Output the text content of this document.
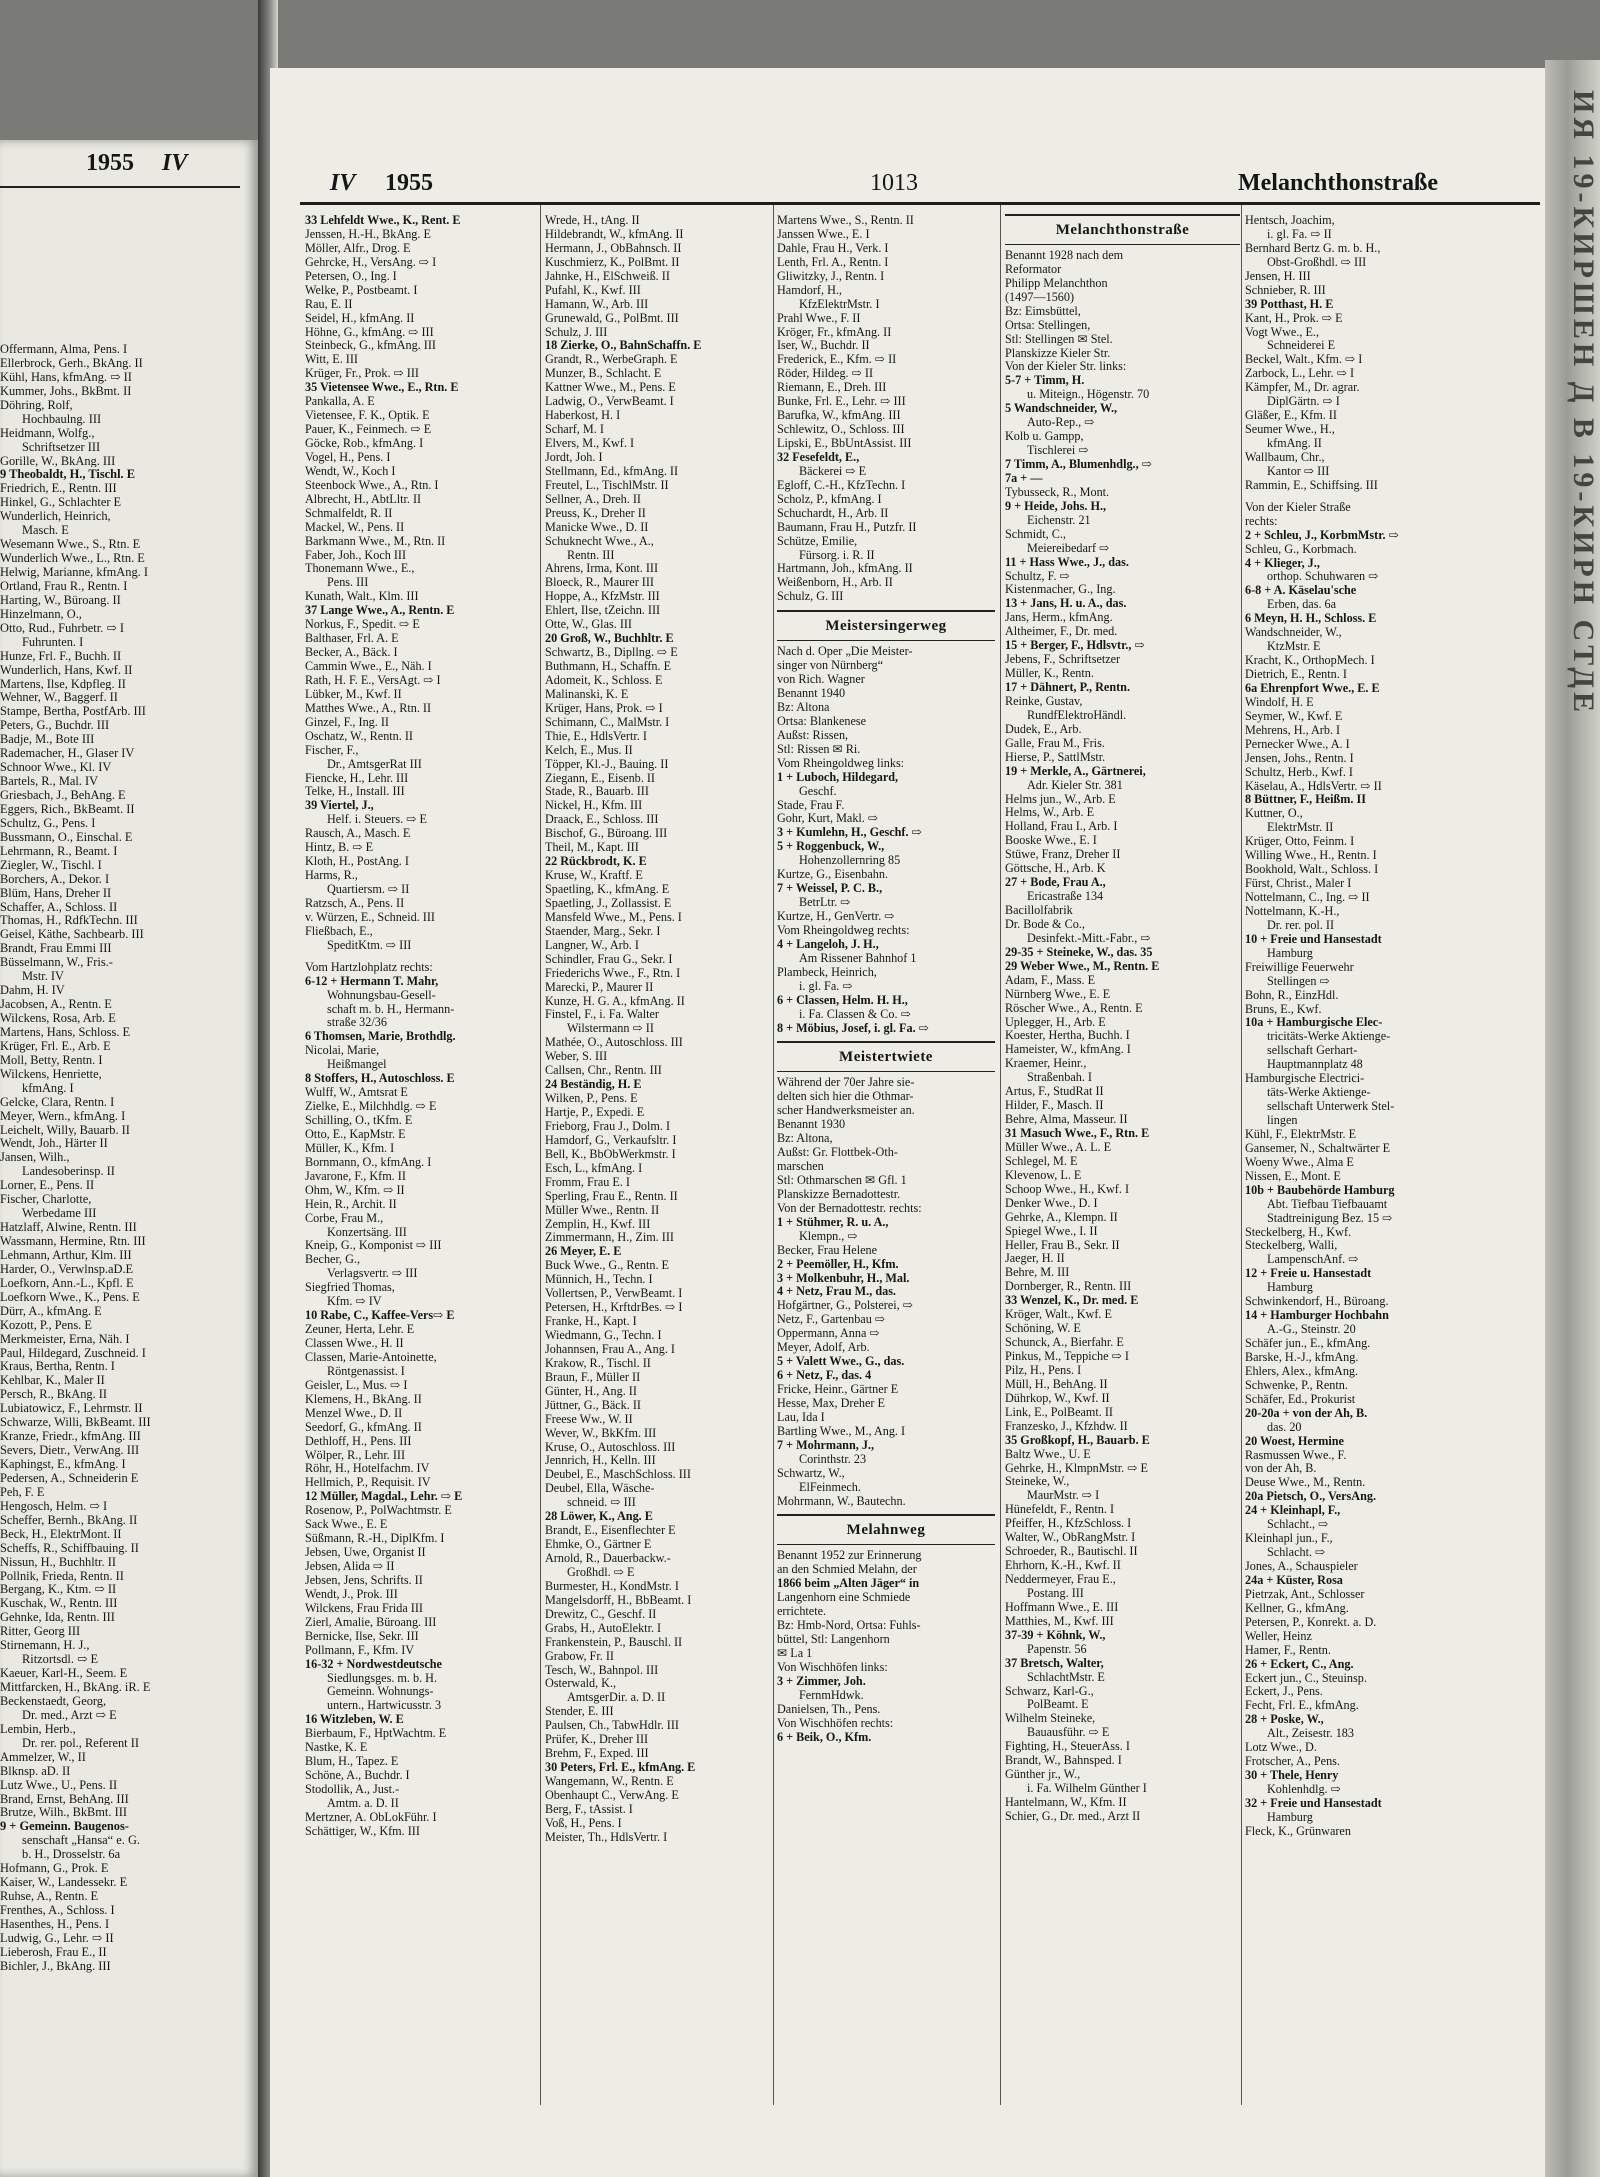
Offermann, Alma, Pens. I
Ellerbrock, Gerh., BkAng. II
Kühl, Hans, kfmAng. ⇨ II
Kummer, Johs., BkBmt. II
Döhring, Rolf,
Hochbaulng. III
Heidmann, Wolfg.,
Schriftsetzer III
Gorille, W., BkAng. III
9 Theobaldt, H., Tischl. E
Friedrich, E., Rentn. III
Hinkel, G., Schlachter E
Wunderlich, Heinrich,
Masch. E
Wesemann Wwe., S., Rtn. E
Wunderlich Wwe., L., Rtn. E
Helwig, Marianne, kfmAng. I
Ortland, Frau R., Rentn. I
Harting, W., Büroang. II
Hinzelmann, O.,
Otto, Rud., Fuhrbetr. ⇨ I
Fuhrunten. I
Hunze, Frl. F., Buchh. II
Wunderlich, Hans, Kwf. II
Martens, Ilse, Kdpfleg. II
Wehner, W., Baggerf. II
Stampe, Bertha, PostfArb. III
Peters, G., Buchdr. III
Badje, M., Bote III
Rademacher, H., Glaser IV
Schnoor Wwe., Kl. IV
Bartels, R., Mal. IV
Griesbach, J., BehAng. E
Eggers, Rich., BkBeamt. II
Schultz, G., Pens. I
Bussmann, O., Einschal. E
Lehrmann, R., Beamt. I
Ziegler, W., Tischl. I
Borchers, A., Dekor. I
Blüm, Hans, Dreher II
Schaffer, A., Schloss. II
Thomas, H., RdfkTechn. III
Geisel, Käthe, Sachbearb. III
Brandt, Frau Emmi III
Büsselmann, W., Fris.-
Mstr. IV
Dahm, H. IV
Jacobsen, A., Rentn. E
Wilckens, Rosa, Arb. E
Martens, Hans, Schloss. E
Krüger, Frl. E., Arb. E
Moll, Betty, Rentn. I
Wilckens, Henriette,
kfmAng. I
Gelcke, Clara, Rentn. I
Meyer, Wern., kfmAng. I
Leichelt, Willy, Bauarb. II
Wendt, Joh., Härter II
Jansen, Wilh.,
Landesoberinsp. II
Lorner, E., Pens. II
Fischer, Charlotte,
Werbedame III
Hatzlaff, Alwine, Rentn. III
Wassmann, Hermine, Rtn. III
Lehmann, Arthur, Klm. III
Harder, O., Verwlnsp.aD.E
Loefkorn, Ann.-L., Kpfl. E
Loefkorn Wwe., K., Pens. E
Dürr, A., kfmAng. E
Kozott, P., Pens. E
Merkmeister, Erna, Näh. I
Paul, Hildegard, Zuschneid. I
Kraus, Bertha, Rentn. I
Kehlbar, K., Maler II
Persch, R., BkAng. II
Lubiatowicz, F., Lehrmstr. II
Schwarze, Willi, BkBeamt. III
Kranze, Friedr., kfmAng. III
Severs, Dietr., VerwAng. III
Kaphingst, E., kfmAng. I
Pedersen, A., Schneiderin E
Peh, F. E
Hengosch, Helm. ⇨ I
Scheffer, Bernh., BkAng. II
Beck, H., ElektrMont. II
Scheffs, R., Schiffbauing. II
Nissun, H., Buchhltr. II
Pollnik, Frieda, Rentn. II
Bergang, K., Ktm. ⇨ II
Kuschak, W., Rentn. III
Gehnke, Ida, Rentn. III
Ritter, Georg III
Stirnemann, H. J.,
Ritzortsdl. ⇨ E
Kaeuer, Karl-H., Seem. E
Mittfarcken, H., BkAng. iR. E
Beckenstaedt, Georg,
Dr. med., Arzt ⇨ E
Lembin, Herb.,
Dr. rer. pol., Referent II
Ammelzer, W., II
Blknsp. aD. II
Lutz Wwe., U., Pens. II
Brand, Ernst, BehAng. III
Brutze, Wilh., BkBmt. III
9 + Gemeinn. Baugenos-
senschaft „Hansa“ e. G.
b. H., Drosselstr. 6a
Hofmann, G., Prok. E
Kaiser, W., Landessekr. E
Ruhse, A., Rentn. E
Frenthes, A., Schloss. I
Hasenthes, H., Pens. I
Ludwig, G., Lehr. ⇨ II
Lieberosh, Frau E., II
Bichler, J., BkAng. III
1955 IV	ИЯ 19-КИРШЕН Д В 19-КИРН СТДЕ
IV 1955	1013	Melanchthonstraße
33 Lehfeldt Wwe., K., Rent. E
Jenssen, H.-H., BkAng. E
Möller, Alfr., Drog. E
Gehrcke, H., VersAng. ⇨ I
Petersen, O., Ing. I
Welke, P., Postbeamt. I
Rau, E. II
Seidel, H., kfmAng. II
Höhne, G., kfmAng. ⇨ III
Steinbeck, G., kfmAng. III
Witt, E. III
Krüger, Fr., Prok. ⇨ III
35 Vietensee Wwe., E., Rtn. E
Pankalla, A. E
Vietensee, F. K., Optik. E
Pauer, K., Feinmech. ⇨ E
Göcke, Rob., kfmAng. I
Vogel, H., Pens. I
Wendt, W., Koch I
Steenbock Wwe., A., Rtn. I
Albrecht, H., AbtLltr. II
Schmalfeldt, R. II
Mackel, W., Pens. II
Barkmann Wwe., M., Rtn. II
Faber, Joh., Koch III
Thonemann Wwe., E.,
Pens. III
Kunath, Walt., Klm. III
37 Lange Wwe., A., Rentn. E
Norkus, F., Spedit. ⇨ E
Balthaser, Frl. A. E
Becker, A., Bäck. I
Cammin Wwe., E., Näh. I
Rath, H. F. E., VersAgt. ⇨ I
Lübker, M., Kwf. II
Matthes Wwe., A., Rtn. II
Ginzel, F., Ing. II
Oschatz, W., Rentn. II
Fischer, F.,
Dr., AmtsgerRat III
Fiencke, H., Lehr. III
Telke, H., Install. III
39 Viertel, J.,
Helf. i. Steuers. ⇨ E
Rausch, A., Masch. E
Hintz, B. ⇨ E
Kloth, H., PostAng. I
Harms, R.,
Quartiersm. ⇨ II
Ratzsch, A., Pens. II
v. Würzen, E., Schneid. III
Fließbach, E.,
SpeditKtm. ⇨ III
Vom Hartzlohplatz rechts:
6-12 + Hermann T. Mahr,
Wohnungsbau-Gesell-
schaft m. b. H., Hermann-
straße 32/36
6 Thomsen, Marie, Brothdlg.
Nicolai, Marie,
Heißmangel
8 Stoffers, H., Autoschloss. E
Wulff, W., Amtsrat E
Zielke, E., Milchhdlg. ⇨ E
Schilling, O., tKfm. E
Otto, E., KapMstr. E
Müller, K., Kfm. I
Bornmann, O., kfmAng. I
Javarone, F., Kfm. II
Ohm, W., Kfm. ⇨ II
Hein, R., Archit. II
Corbe, Frau M.,
Konzertsäng. III
Kneip, G., Komponist ⇨ III
Becher, G.,
Verlagsvertr. ⇨ III
Siegfried Thomas,
Kfm. ⇨ IV
10 Rabe, C., Kaffee-Vers⇨ E
Zeuner, Herta, Lehr. E
Classen Wwe., H. II
Classen, Marie-Antoinette,
Röntgenassist. I
Geisler, L., Mus. ⇨ I
Klemens, H., BkAng. II
Menzel Wwe., D. II
Seedorf, G., kfmAng. II
Dethloff, H., Pens. III
Wölper, R., Lehr. III
Röhr, H., Hotelfachm. IV
Hellmich, P., Requisit. IV
12 Müller, Magdal., Lehr. ⇨ E
Rosenow, P., PolWachtmstr. E
Sack Wwe., E. E
Süßmann, R.-H., DiplKfm. I
Jebsen, Uwe, Organist II
Jebsen, Alida ⇨ II
Jebsen, Jens, Schrifts. II
Wendt, J., Prok. III
Wilckens, Frau Frida III
Zierl, Amalie, Büroang. III
Bernicke, Ilse, Sekr. III
Pollmann, F., Kfm. IV
16-32 + Nordwestdeutsche
Siedlungsges. m. b. H.
Gemeinn. Wohnungs-
untern., Hartwicusstr. 3
16 Witzleben, W. E
Bierbaum, F., HptWachtm. E
Nastke, K. E
Blum, H., Tapez. E
Schöne, A., Buchdr. I
Stodollik, A., Just.-
Amtm. a. D. II
Mertzner, A. ObLokFühr. I
Schättiger, W., Kfm. III
Wrede, H., tAng. II
Hildebrandt, W., kfmAng. II
Hermann, J., ObBahnsch. II
Kuschmierz, K., PolBmt. II
Jahnke, H., ElSchweiß. II
Pufahl, K., Kwf. III
Hamann, W., Arb. III
Grunewald, G., PolBmt. III
Schulz, J. III
18 Zierke, O., BahnSchaffn. E
Grandt, R., WerbeGraph. E
Munzer, B., Schlacht. E
Kattner Wwe., M., Pens. E
Ladwig, O., VerwBeamt. I
Haberkost, H. I
Scharf, M. I
Elvers, M., Kwf. I
Jordt, Joh. I
Stellmann, Ed., kfmAng. II
Freutel, L., TischlMstr. II
Sellner, A., Dreh. II
Preuss, K., Dreher II
Manicke Wwe., D. II
Schuknecht Wwe., A.,
Rentn. III
Ahrens, Irma, Kont. III
Bloeck, R., Maurer III
Hoppe, A., KfzMstr. III
Ehlert, Ilse, tZeichn. III
Otte, W., Glas. III
20 Groß, W., Buchhltr. E
Schwartz, B., Dipllng. ⇨ E
Buthmann, H., Schaffn. E
Adomeit, K., Schloss. E
Malinanski, K. E
Krüger, Hans, Prok. ⇨ I
Schimann, C., MalMstr. I
Thie, E., HdlsVertr. I
Kelch, E., Mus. II
Töpper, Kl.-J., Bauing. II
Ziegann, E., Eisenb. II
Stade, R., Bauarb. III
Nickel, H., Kfm. III
Draack, E., Schloss. III
Bischof, G., Büroang. III
Theil, M., Kapt. III
22 Rückbrodt, K. E
Kruse, W., Kraftf. E
Spaetling, K., kfmAng. E
Spaetling, J., Zollassist. E
Mansfeld Wwe., M., Pens. I
Staender, Marg., Sekr. I
Langner, W., Arb. I
Schindler, Frau G., Sekr. I
Friederichs Wwe., F., Rtn. I
Marecki, P., Maurer II
Kunze, H. G. A., kfmAng. II
Finstel, F., i. Fa. Walter
Wilstermann ⇨ II
Mathée, O., Autoschloss. III
Weber, S. III
Callsen, Chr., Rentn. III
24 Beständig, H. E
Wilken, P., Pens. E
Hartje, P., Expedi. E
Frieborg, Frau J., Dolm. I
Hamdorf, G., Verkaufsltr. I
Bell, K., BbObWerkmstr. I
Esch, L., kfmAng. I
Fromm, Frau E. I
Sperling, Frau E., Rentn. II
Müller Wwe., Rentn. II
Zemplin, H., Kwf. III
Zimmermann, H., Zim. III
26 Meyer, E. E
Buck Wwe., G., Rentn. E
Münnich, H., Techn. I
Vollertsen, P., VerwBeamt. I
Petersen, H., KrftdrBes. ⇨ I
Franke, H., Kapt. I
Wiedmann, G., Techn. I
Johannsen, Frau A., Ang. I
Krakow, R., Tischl. II
Braun, F., Müller II
Günter, H., Ang. II
Jüttner, G., Bäck. II
Freese Ww., W. II
Wever, W., BkKfm. III
Kruse, O., Autoschloss. III
Jennrich, H., Kelln. III
Deubel, E., MaschSchloss. III
Deubel, Ella, Wäsche-
schneid. ⇨ III
28 Löwer, K., Ang. E
Brandt, E., Eisenflechter E
Ehmke, O., Gärtner E
Arnold, R., Dauerbackw.-
Großhdl. ⇨ E
Burmester, H., KondMstr. I
Mangelsdorff, H., BbBeamt. I
Drewitz, C., Geschf. II
Grabs, H., AutoElektr. I
Frankenstein, P., Bauschl. II
Grabow, Fr. II
Tesch, W., Bahnpol. III
Osterwald, K.,
AmtsgerDir. a. D. II
Stender, E. III
Paulsen, Ch., TabwHdlr. III
Prüfer, K., Dreher III
Brehm, F., Exped. III
30 Peters, Frl. E., kfmAng. E
Wangemann, W., Rentn. E
Obenhaupt C., VerwAng. E
Berg, F., tAssist. I
Voß, H., Pens. I
Meister, Th., HdlsVertr. I
Martens Wwe., S., Rentn. II
Janssen Wwe., E. I
Dahle, Frau H., Verk. I
Lenth, Frl. A., Rentn. I
Gliwitzky, J., Rentn. I
Hamdorf, H.,
KfzElektrMstr. I
Prahl Wwe., F. II
Kröger, Fr., kfmAng. II
Iser, W., Buchdr. II
Frederick, E., Kfm. ⇨ II
Röder, Hildeg. ⇨ II
Riemann, E., Dreh. III
Bunke, Frl. E., Lehr. ⇨ III
Barufka, W., kfmAng. III
Schlewitz, O., Schloss. III
Lipski, E., BbUntAssist. III
32 Fesefeldt, E.,
Bäckerei ⇨ E
Egloff, C.-H., KfzTechn. I
Scholz, P., kfmAng. I
Schuchardt, H., Arb. II
Baumann, Frau H., Putzfr. II
Schütze, Emilie,
Fürsorg. i. R. II
Hartmann, Joh., kfmAng. II
Weißenborn, H., Arb. II
Schulz, G. III
Meistersingerweg
Nach d. Oper „Die Meister-
singer von Nürnberg“
von Rich. Wagner
Benannt 1940
Bz: Altona
Ortsa: Blankenese
Außst: Rissen,
Stl: Rissen ✉ Ri.
Vom Rheingoldweg links:
1 + Luboch, Hildegard,
Geschf.
Stade, Frau F.
Gohr, Kurt, Makl. ⇨
3 + Kumlehn, H., Geschf. ⇨
5 + Roggenbuck, W.,
Hohenzollernring 85
Kurtze, G., Eisenbahn.
7 + Weissel, P. C. B.,
BetrLtr. ⇨
Kurtze, H., GenVertr. ⇨
Vom Rheingoldweg rechts:
4 + Langeloh, J. H.,
Am Rissener Bahnhof 1
Plambeck, Heinrich,
i. gl. Fa. ⇨
6 + Classen, Helm. H. H.,
i. Fa. Classen & Co. ⇨
8 + Möbius, Josef, i. gl. Fa. ⇨
Meistertwiete
Während der 70er Jahre sie-
delten sich hier die Othmar-
scher Handwerksmeister an.
Benannt 1930
Bz: Altona,
Außst: Gr. Flottbek-Oth-
marschen
Stl: Othmarschen ✉ Gfl. 1
Planskizze Bernadottestr.
Von der Bernadottestr. rechts:
1 + Stühmer, R. u. A.,
Klempn., ⇨
Becker, Frau Helene
2 + Peemöller, H., Kfm.
3 + Molkenbuhr, H., Mal.
4 + Netz, Frau M., das.
Hofgärtner, G., Polsterei, ⇨
Netz, F., Gartenbau ⇨
Oppermann, Anna ⇨
Meyer, Adolf, Arb.
5 + Valett Wwe., G., das.
6 + Netz, F., das. 4
Fricke, Heinr., Gärtner E
Hesse, Max, Dreher E
Lau, Ida I
Bartling Wwe., M., Ang. I
7 + Mohrmann, J.,
Corinthstr. 23
Schwartz, W.,
ElFeinmech.
Mohrmann, W., Bautechn.
Melahnweg
Benannt 1952 zur Erinnerung
an den Schmied Melahn, der
1866 beim „Alten Jäger“ in
Langenhorn eine Schmiede
errichtete.
Bz: Hmb-Nord, Ortsa: Fuhls-
büttel, Stl: Langenhorn
✉ La 1
Von Wischhöfen links:
3 + Zimmer, Joh.
FernmHdwk.
Danielsen, Th., Pens.
Von Wischhöfen rechts:
6 + Beik, O., Kfm.
Melanchthonstraße
Benannt 1928 nach dem
Reformator
Philipp Melanchthon
(1497—1560)
Bz: Eimsbüttel,
Ortsa: Stellingen,
Stl: Stellingen ✉ Stel.
Planskizze Kieler Str.
Von der Kieler Str. links:
5-7 + Timm, H.
u. Miteign., Högenstr. 70
5 Wandschneider, W.,
Auto-Rep., ⇨
Kolb u. Gampp,
Tischlerei ⇨
7 Timm, A., Blumenhdlg., ⇨
7a + —
Tybusseck, R., Mont.
9 + Heide, Johs. H.,
Eichenstr. 21
Schmidt, C.,
Meiereibedarf ⇨
11 + Hass Wwe., J., das.
Schultz, F. ⇨
Kistenmacher, G., Ing.
13 + Jans, H. u. A., das.
Jans, Herm., kfmAng.
Altheimer, F., Dr. med.
15 + Berger, F., Hdlsvtr., ⇨
Jebens, F., Schriftsetzer
Müller, K., Rentn.
17 + Dähnert, P., Rentn.
Reinke, Gustav,
RundfElektroHändl.
Dudek, E., Arb.
Galle, Frau M., Fris.
Hierse, P., SattlMstr.
19 + Merkle, A., Gärtnerei,
Adr. Kieler Str. 381
Helms jun., W., Arb. E
Helms, W., Arb. E
Holland, Frau I., Arb. I
Booske Wwe., E. I
Stüwe, Franz, Dreher II
Göttsche, H., Arb. K
27 + Bode, Frau A.,
Ericastraße 134
Bacillolfabrik
Dr. Bode & Co.,
Desinfekt.-Mitt.-Fabr., ⇨
29-35 + Steineke, W., das. 35
29 Weber Wwe., M., Rentn. E
Adam, F., Mass. E
Nürnberg Wwe., E. E
Röscher Wwe., A., Rentn. E
Uplegger, H., Arb. E
Koester, Hertha, Buchh. I
Hameister, W., kfmAng. I
Kraemer, Heinr.,
Straßenbah. I
Artus, F., StudRat II
Hilder, F., Masch. II
Behre, Alma, Masseur. II
31 Masuch Wwe., F., Rtn. E
Müller Wwe., A. L. E
Schlegel, M. E
Klevenow, L. E
Schoop Wwe., H., Kwf. I
Denker Wwe., D. I
Gehrke, A., Klempn. II
Spiegel Wwe., I. II
Heller, Frau B., Sekr. II
Jaeger, H. II
Behre, M. III
Dornberger, R., Rentn. III
33 Wenzel, K., Dr. med. E
Kröger, Walt., Kwf. E
Schöning, W. E
Schunck, A., Bierfahr. E
Pinkus, M., Teppiche ⇨ I
Pilz, H., Pens. I
Müll, H., BehAng. II
Dührkop, W., Kwf. II
Link, E., PolBeamt. II
Franzesko, J., Kfzhdw. II
35 Großkopf, H., Bauarb. E
Baltz Wwe., U. E
Gehrke, H., KlmpnMstr. ⇨ E
Steineke, W.,
MaurMstr. ⇨ I
Hünefeldt, F., Rentn. I
Pfeiffer, H., KfzSchloss. I
Walter, W., ObRangMstr. I
Schroeder, R., Bautischl. II
Ehrhorn, K.-H., Kwf. II
Neddermeyer, Frau E.,
Postang. III
Hoffmann Wwe., E. III
Matthies, M., Kwf. III
37-39 + Köhnk, W.,
Papenstr. 56
37 Bretsch, Walter,
SchlachtMstr. E
Schwarz, Karl-G.,
PolBeamt. E
Wilhelm Steineke,
Bauausführ. ⇨ E
Fighting, H., SteuerAss. I
Brandt, W., Bahnsped. I
Günther jr., W.,
i. Fa. Wilhelm Günther I
Hantelmann, W., Kfm. II
Schier, G., Dr. med., Arzt II
Hentsch, Joachim,
i. gl. Fa. ⇨ II
Bernhard Bertz G. m. b. H.,
Obst-Großhdl. ⇨ III
Jensen, H. III
Schnieber, R. III
39 Potthast, H. E
Kant, H., Prok. ⇨ E
Vogt Wwe., E.,
Schneiderei E
Beckel, Walt., Kfm. ⇨ I
Zarbock, L., Lehr. ⇨ I
Kämpfer, M., Dr. agrar.
DiplGärtn. ⇨ I
Gläßer, E., Kfm. II
Seumer Wwe., H.,
kfmAng. II
Wallbaum, Chr.,
Kantor ⇨ III
Rammin, E., Schiffsing. III
Von der Kieler Straße
rechts:
2 + Schleu, J., KorbmMstr. ⇨
Schleu, G., Korbmach.
4 + Klieger, J.,
orthop. Schuhwaren ⇨
6-8 + A. Käselau'sche
Erben, das. 6a
6 Meyn, H. H., Schloss. E
Wandschneider, W.,
KtzMstr. E
Kracht, K., OrthopMech. I
Dietrich, E., Rentn. I
6a Ehrenpfort Wwe., E. E
Windolf, H. E
Seymer, W., Kwf. E
Mehrens, H., Arb. I
Pernecker Wwe., A. I
Jensen, Johs., Rentn. I
Schultz, Herb., Kwf. I
Käselau, A., HdlsVertr. ⇨ II
8 Büttner, F., Heißm. II
Kuttner, O.,
ElektrMstr. II
Krüger, Otto, Feinm. I
Willing Wwe., H., Rentn. I
Bookhold, Walt., Schloss. I
Fürst, Christ., Maler I
Nottelmann, C., Ing. ⇨ II
Nottelmann, K.-H.,
Dr. rer. pol. II
10 + Freie und Hansestadt
Hamburg
Freiwillige Feuerwehr
Stellingen ⇨
Bohn, R., EinzHdl.
Bruns, E., Kwf.
10a + Hamburgische Elec-
tricitäts-Werke Aktienge-
sellschaft Gerhart-
Hauptmannplatz 48
Hamburgische Electrici-
täts-Werke Aktienge-
sellschaft Unterwerk Stel-
lingen
Kühl, F., ElektrMstr. E
Gansemer, N., Schaltwärter E
Woeny Wwe., Alma E
Nissen, E., Mont. E
10b + Baubehörde Hamburg
Abt. Tiefbau Tiefbauamt
Stadtreinigung Bez. 15 ⇨
Steckelberg, H., Kwf.
Steckelberg, Walli,
LampenschAnf. ⇨
12 + Freie u. Hansestadt
Hamburg
Schwinkendorf, H., Büroang.
14 + Hamburger Hochbahn
A.-G., Steinstr. 20
Schäfer jun., E., kfmAng.
Barske, H.-J., kfmAng.
Ehlers, Alex., kfmAng.
Schwenke, P., Rentn.
Schäfer, Ed., Prokurist
20-20a + von der Ah, B.
das. 20
20 Woest, Hermine
Rasmussen Wwe., F.
von der Ah, B.
Deuse Wwe., M., Rentn.
20a Pietsch, O., VersAng.
24 + Kleinhapl, F.,
Schlacht., ⇨
Kleinhapl jun., F.,
Schlacht. ⇨
Jones, A., Schauspieler
24a + Küster, Rosa
Pietrzak, Ant., Schlosser
Kellner, G., kfmAng.
Petersen, P., Konrekt. a. D.
Weller, Heinz
Hamer, F., Rentn.
26 + Eckert, C., Ang.
Eckert jun., C., Steuinsp.
Eckert, J., Pens.
Fecht, Frl. E., kfmAng.
28 + Poske, W.,
Alt., Zeisestr. 183
Lotz Wwe., D.
Frotscher, A., Pens.
30 + Thele, Henry
Kohlenhdlg. ⇨
32 + Freie und Hansestadt
Hamburg
Fleck, K., Grünwaren
